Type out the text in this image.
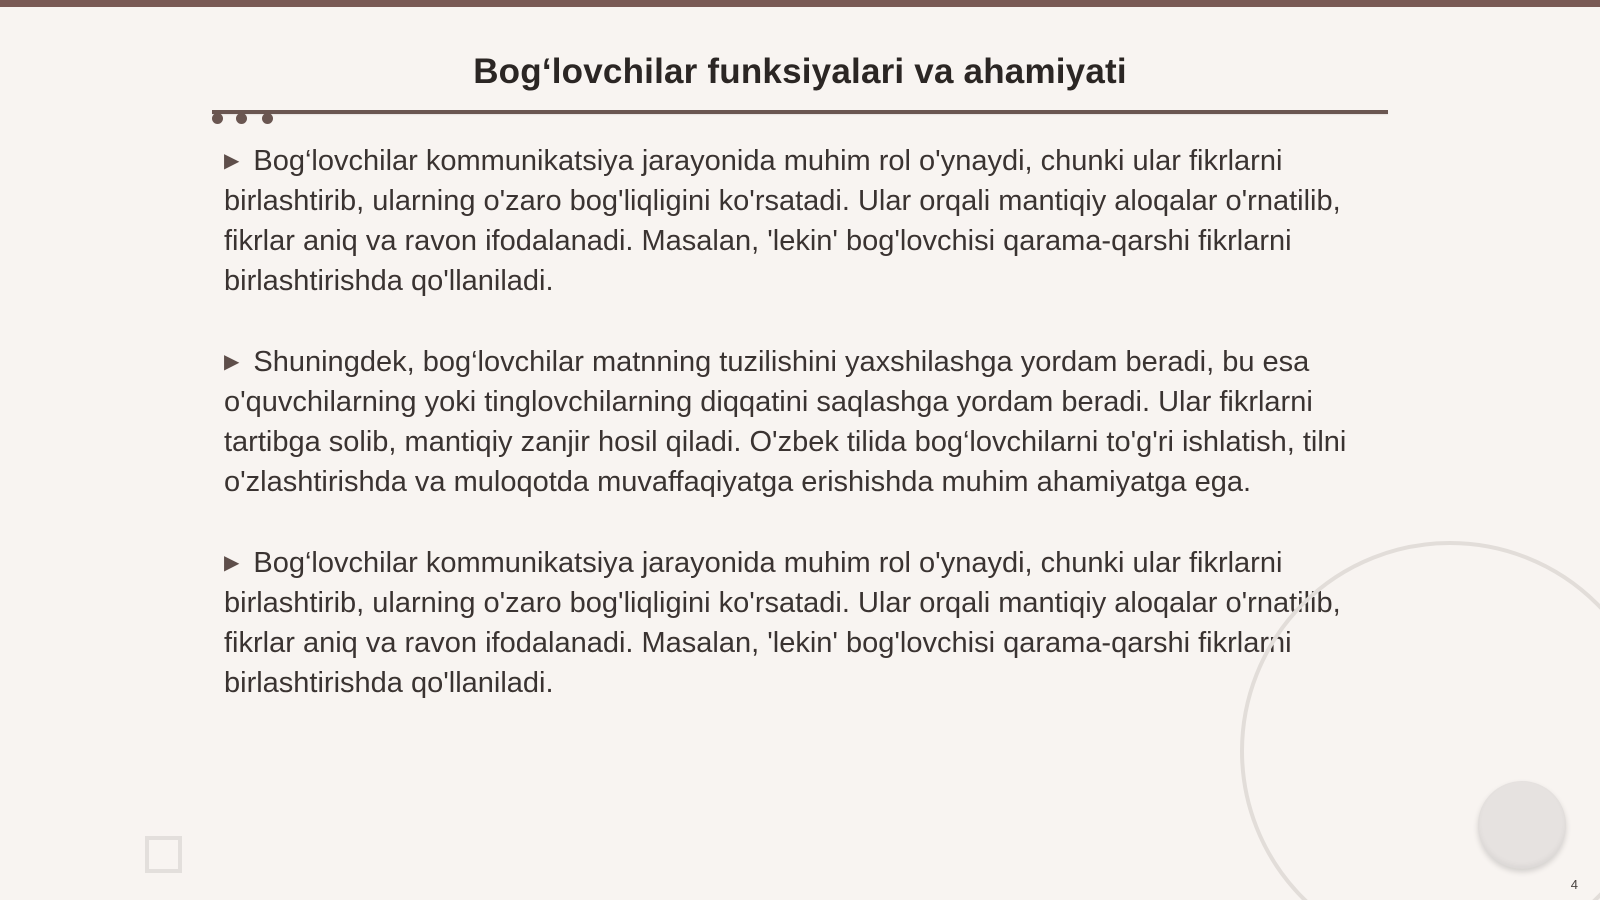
Bog‘lovchilar funksiyalari va ahamiyati

▶ Bog‘lovchilar kommunikatsiya jarayonida muhim rol o'ynaydi, chunki ular fikrlarni birlashtirib, ularning o'zaro bog'liqligini ko'rsatadi. Ular orqali mantiqiy aloqalar o'rnatilib, fikrlar aniq va ravon ifodalanadi. Masalan, 'lekin' bog'lovchisi qarama-qarshi fikrlarni birlashtirishda qo'llaniladi.

▶ Shuningdek, bog‘lovchilar matnning tuzilishini yaxshilashga yordam beradi, bu esa o'quvchilarning yoki tinglovchilarning diqqatini saqlashga yordam beradi. Ular fikrlarni tartibga solib, mantiqiy zanjir hosil qiladi. O'zbek tilida bog‘lovchilarni to'g'ri ishlatish, tilni o'zlashtirishda va muloqotda muvaffaqiyatga erishishda muhim ahamiyatga ega.

▶ Bog‘lovchilar kommunikatsiya jarayonida muhim rol o'ynaydi, chunki ular fikrlarni birlashtirib, ularning o'zaro bog'liqligini ko'rsatadi. Ular orqali mantiqiy aloqalar o'rnatilib, fikrlar aniq va ravon ifodalanadi. Masalan, 'lekin' bog'lovchisi qarama-qarshi fikrlarni birlashtirishda qo'llaniladi.

4
